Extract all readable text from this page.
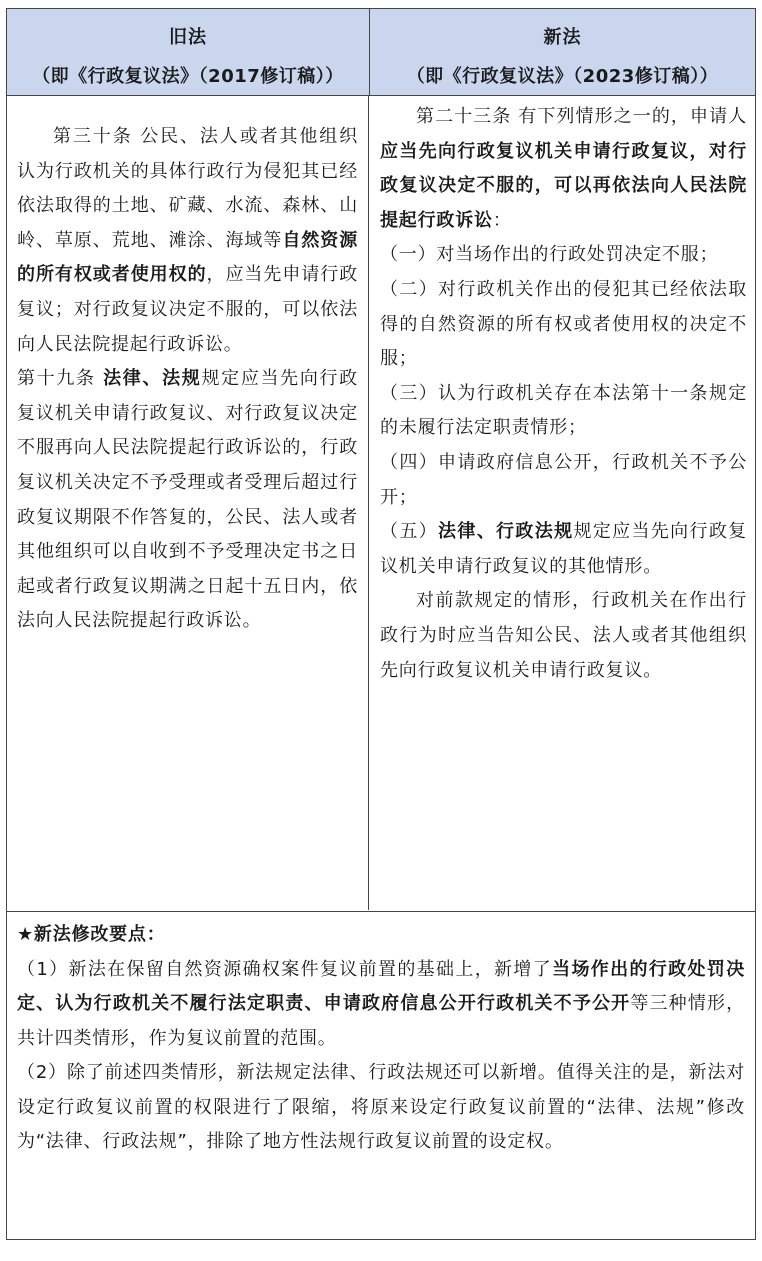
旧法
（即《行政复议法》（2017修订稿））
新法
（即《行政复议法》（2023修订稿））

第三十条 公民、法人或者其他组织认为行政机关的具体行政行为侵犯其已经依法取得的土地、矿藏、水流、森林、山岭、草原、荒地、滩涂、海域等自然资源的所有权或者使用权的，应当先申请行政复议；对行政复议决定不服的，可以依法向人民法院提起行政诉讼。

第十九条 法律、法规规定应当先向行政复议机关申请行政复议、对行政复议决定不服再向人民法院提起行政诉讼的，行政复议机关决定不予受理或者受理后超过行政复议期限不作答复的，公民、法人或者其他组织可以自收到不予受理决定书之日起或者行政复议期满之日起十五日内，依法向人民法院提起行政诉讼。

第二十三条 有下列情形之一的，申请人应当先向行政复议机关申请行政复议，对行政复议决定不服的，可以再依法向人民法院提起行政诉讼：

（一）对当场作出的行政处罚决定不服；

（二）对行政机关作出的侵犯其已经依法取得的自然资源的所有权或者使用权的决定不服；

（三）认为行政机关存在本法第十一条规定的未履行法定职责情形；

（四）申请政府信息公开，行政机关不予公开；

（五）法律、行政法规规定应当先向行政复议机关申请行政复议的其他情形。

对前款规定的情形，行政机关在作出行政行为时应当告知公民、法人或者其他组织先向行政复议机关申请行政复议。

★新法修改要点：

（1）新法在保留自然资源确权案件复议前置的基础上，新增了当场作出的行政处罚决定、认为行政机关不履行法定职责、申请政府信息公开行政机关不予公开等三种情形，共计四类情形，作为复议前置的范围。

（2）除了前述四类情形，新法规定法律、行政法规还可以新增。值得关注的是，新法对设定行政复议前置的权限进行了限缩，将原来设定行政复议前置的“法律、法规”修改为“法律、行政法规”，排除了地方性法规行政复议前置的设定权。
